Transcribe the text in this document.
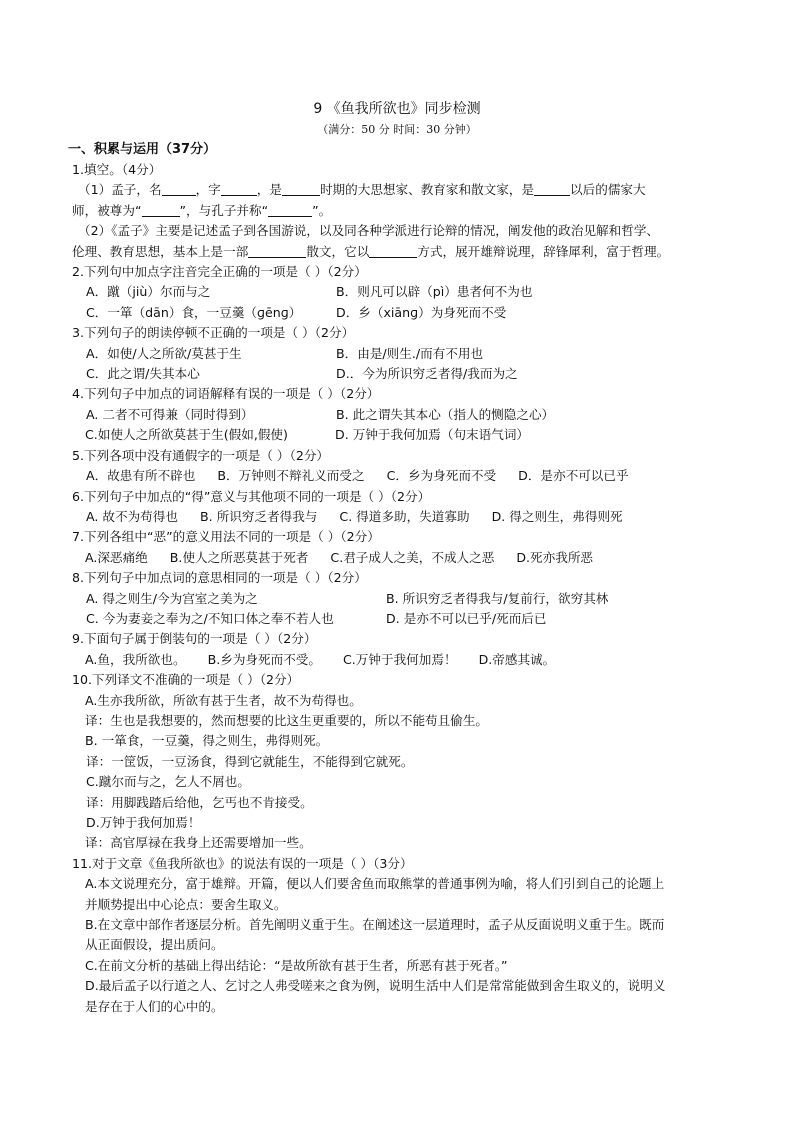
9 《鱼我所欲也》同步检测
（满分：50 分 时间：30 分钟）
一、积累与运用（37分）
1.填空。（4分）
（1）孟子，名	，字	，是	时期的大思想家、教育家和散文家，是	以后的儒家大
师，被尊为“	”，与孔子并称“	”。
（2）《孟子》主要是记述孟子到各国游说，以及同各种学派进行论辩的情况，阐发他的政治见解和哲学、
伦理、教育思想，基本上是一部	散文，它以	方式，展开雄辩说理，辞锋犀利，富于哲理。
2.下列句中加点字注音完全正确的一项是（ ）（2分）
A．蹴（jiù）尔而与之	B．则凡可以辟（pì）患者何不为也
C．一箪（dān）食，一豆羹（ɡēnɡ）	D．乡（xiānɡ）为身死而不受
3.下列句子的朗读停顿不正确的一项是（ ）（2分）
A．如使/人之所欲/莫甚于生	B．由是/则生./而有不用也
C．此之谓/失其本心	D.．今为所识穷乏者得/我而为之
4.下列句子中加点的词语解释有误的一项是（ ）（2分）
A. 二者不可得兼（同时得到）	B. 此之谓失其本心（指人的恻隐之心）
C.如使人之所欲莫甚于生(假如,假使)	D. 万钟于我何加焉（句末语气词）
5.下列各项中没有通假字的一项是（ ）（2分）
A．故患有所不辟也 B．万钟则不辩礼义而受之 C．乡为身死而不受 D．是亦不可以已乎
6.下列句子中加点的“得”意义与其他项不同的一项是（ ）（2分）
A. 故不为苟得也 B. 所识穷乏者得我与 C. 得道多助，失道寡助 D. 得之则生，弗得则死
7.下列各组中“恶”的意义用法不同的一项是（ ）（2分）
A.深恶痛绝 B.使人之所恶莫甚于死者 C.君子成人之美，不成人之恶 D.死亦我所恶
8.下列句子中加点词的意思相同的一项是（ ）（2分）
A. 得之则生/今为宫室之美为之	B. 所识穷乏者得我与/复前行，欲穷其林
C. 今为妻妾之奉为之/不知口体之奉不若人也	D. 是亦不可以已乎/死而后已
9.下面句子属于倒装句的一项是（ ）（2分）
A.鱼，我所欲也。 B.乡为身死而不受。 C.万钟于我何加焉！ D.帝感其诚。
10.下列译文不准确的一项是（ ）（2分）
A.生亦我所欲，所欲有甚于生者，故不为苟得也。
译：生也是我想要的，然而想要的比这生更重要的，所以不能苟且偷生。
B. 一箪食，一豆羹，得之则生，弗得则死。
译：一筐饭，一豆汤食，得到它就能生，不能得到它就死。
C.蹴尔而与之，乞人不屑也。
译：用脚践踏后给他，乞丐也不肯接受。
D.万钟于我何加焉！
译：高官厚禄在我身上还需要增加一些。
11.对于文章《鱼我所欲也》的说法有误的一项是（ ）（3分）
A.本文说理充分，富于雄辩。开篇，便以人们要舍鱼而取熊掌的普通事例为喻，将人们引到自己的论题上
并顺势提出中心论点：要舍生取义。
B.在文章中部作者逐层分析。首先阐明义重于生。在阐述这一层道理时，孟子从反面说明义重于生。既而
从正面假设，提出质问。
C.在前文分析的基础上得出结论：“是故所欲有甚于生者，所恶有甚于死者。”
D.最后孟子以行道之人、乞讨之人弗受嗟来之食为例，说明生活中人们是常常能做到舍生取义的，说明义
是存在于人们的心中的。
